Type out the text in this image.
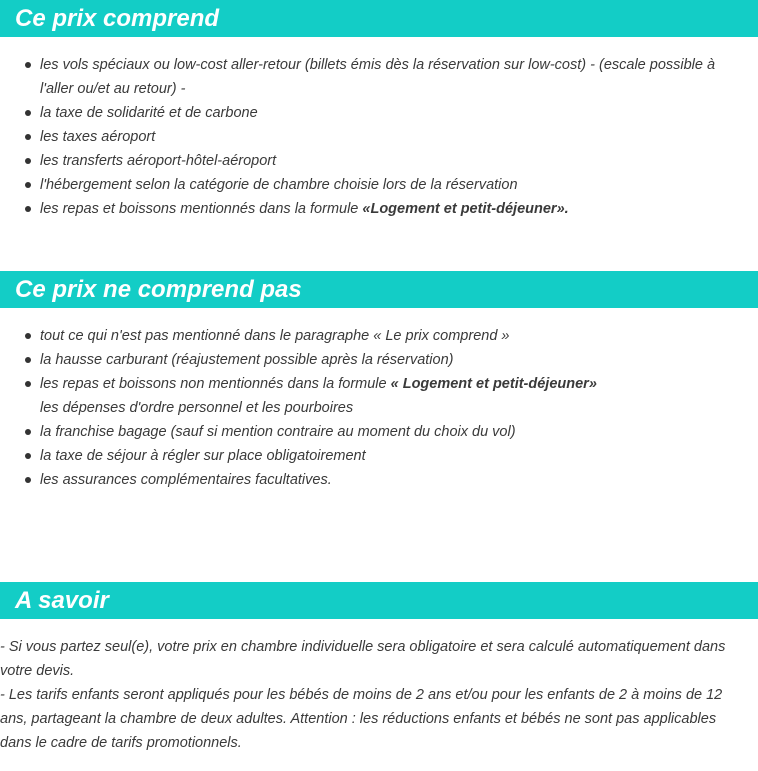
Ce prix comprend
les vols spéciaux ou low-cost aller-retour (billets émis dès la réservation sur low-cost) - (escale possible à l'aller ou/et au retour) -
la taxe de solidarité et de carbone
les taxes aéroport
les transferts aéroport-hôtel-aéroport
l'hébergement selon la catégorie de chambre choisie lors de la réservation
les repas et boissons mentionnés dans la formule «Logement et petit-déjeuner».
Ce prix ne comprend pas
tout ce qui n'est pas mentionné dans le paragraphe « Le prix comprend »
la hausse carburant (réajustement possible après la réservation)
les repas et boissons non mentionnés dans la formule « Logement et petit-déjeuner»
les dépenses d'ordre personnel et les pourboires
la franchise bagage (sauf si mention contraire au moment du choix du vol)
la taxe de séjour à régler sur place obligatoirement
les assurances complémentaires facultatives.
A savoir
- Si vous partez seul(e), votre prix en chambre individuelle sera obligatoire et sera calculé automatiquement dans votre devis.
- Les tarifs enfants seront appliqués pour les bébés de moins de 2 ans et/ou pour les enfants de 2 à moins de 12 ans, partageant la chambre de deux adultes. Attention : les réductions enfants et bébés ne sont pas applicables dans le cadre de tarifs promotionnels.
